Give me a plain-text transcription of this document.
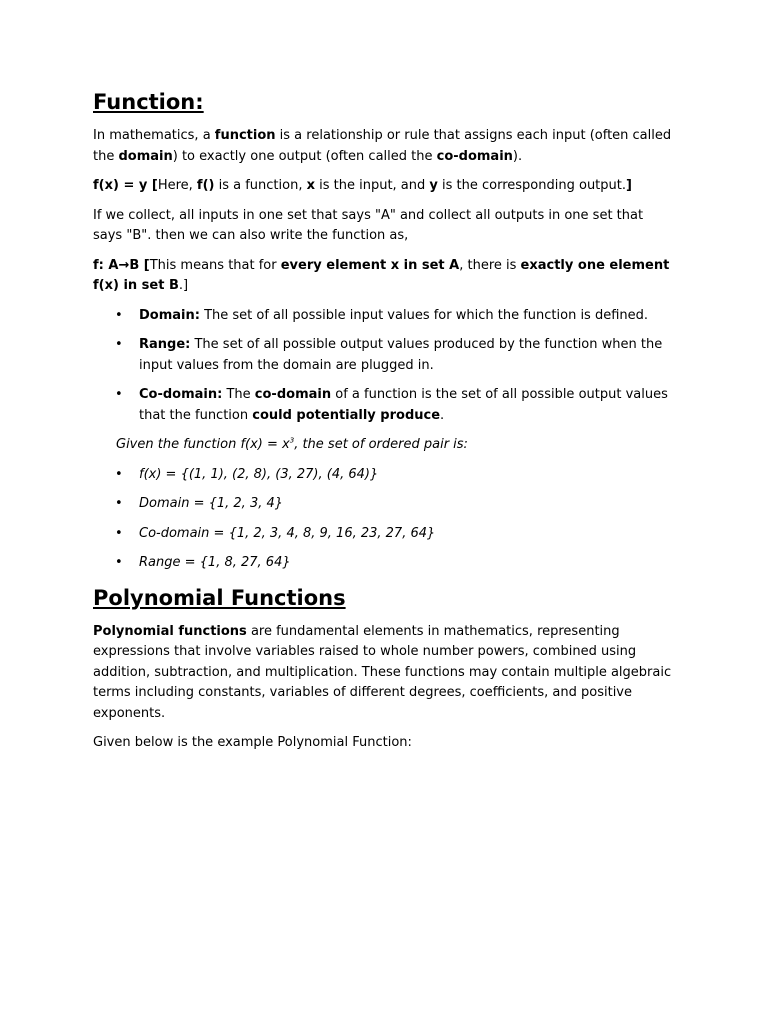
Function:

In mathematics, a function is a relationship or rule that assigns each input (often called the domain) to exactly one output (often called the co-domain).

f(x) = y [Here, f() is a function, x is the input, and y is the corresponding output.]

If we collect, all inputs in one set that says "A" and collect all outputs in one set that says "B". then we can also write the function as,

f: A→B [This means that for every element x in set A, there is exactly one element f(x) in set B.]

• Domain: The set of all possible input values for which the function is defined.
• Range: The set of all possible output values produced by the function when the input values from the domain are plugged in.
• Co-domain: The co-domain of a function is the set of all possible output values that the function could potentially produce.
Given the function $f(x) = x^3$, the set of ordered pair is:
• f(x) = {(1, 1), (2, 8), (3, 27), (4, 64)}
• Domain = {1, 2, 3, 4}
• Co-domain = {1, 2, 3, 4, 8, 9, 16, 23, 27, 64}
• Range = {1, 8, 27, 64}
Polynomial Functions

Polynomial functions are fundamental elements in mathematics, representing expressions that involve variables raised to whole number powers, combined using addition, subtraction, and multiplication. These functions may contain multiple algebraic terms including constants, variables of different degrees, coefficients, and positive exponents.

Given below is the example Polynomial Function:
